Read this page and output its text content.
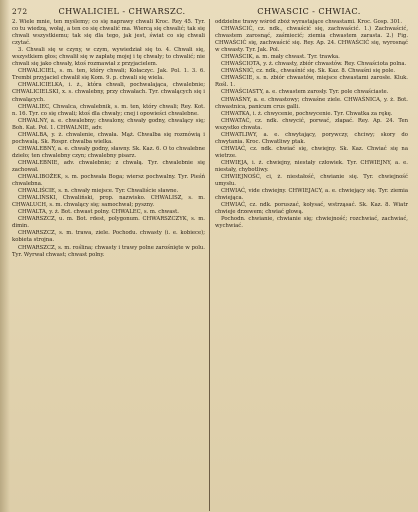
272	CHWALICIEL - CHWARSZC.	CHWASCIC - CHWIAC.

2. Wiele mnie, ten myślemy; co się naprawy chwali Kroc. Rey 45. Tyr. co tu wiedzą, wołaj, a ten co się chwalić ma. Wiercą się chwalić; tak się chwali wszystkiemu; tak się dla tego, jak jest, świat co się chwali czytać.

3. Chwali się w czyny, w czym, wywiedział się to. 4. Chwali się, wszystkiem głos; chwalił się w zapłatę mojej i tę chwały; to chwalić; nie chwali się jako chwały, ktoś rozmawiał z przyjacielem.

CHWALICIEL, s. m. ten, który chwali; Kołaczyc. Jak. Pol. 1. 3. 6. Trembi przyjaciel chwalił się Kom. 9. p. chwali się wiela.

CHWALICIELKA, i. ż., która chwali, pochwalająca, chwalebnie; CHWALICIELSKI, x. s. chwalebny, przy chwałach. Tyr. chwalących się i chwalących.

CHWALIEC, Chwalca, chwalebnik, s. m. ten, który chwali; Rey. Kot. n. 16. Tyr. co się chwali; ktoś dla chwały; cnej i opowieści chwalebne.

CHWALNY, a. e. chwalebny; chwalony, chwały godny, chwalący się; Boh. Kat. Pol. 1. CHWALNIE, adv.

CHWALBA, y. ż. chwalenie, chwała. Mąż. Chwalba się rozmówią i pochwalą. Sk. Rospr. chwalba wielka.

CHWALEBNY, a. e. chwały godny, sławny. Sk. Kaz. 6. O to chwalebne dzieło; ten chwalebny czyn; chwalebny pisarz.

CHWALEBNIE, adv. chwalebnie; z chwałą. Tyr. chwalebnie się zachował.

CHWALIBOŻEK, s. m. pochwała Boga; wiersz pochwalny. Tyr. Pieśń chwalebna.

CHWALIŚCIE, s. n. chwały miejsce. Tyr. Chwaliście sławne.

CHWALIŃSKI, Chwaliński, prop. nazwisko. CHWALISZ, s. m. CHWALUCH, s. m. chwalący się; samochwał; pyszny.

CHWALTA, y. ż. Bot. chwast polny. CHWALEC, s. m. chwast.

CHWARSZCZ, u. m. Bot. rdest, polygonum. CHWARSZCZYK, s. m. dimin.

CHWARSZCZ, s. m. trawa, ziele. Pochodu. chwasty (i. e. kobiece); kobieta strojna.

CHWARSZCZ, s. m. roślina; chwasty i trawy polne zarośnięte w polu. Tyr. Wyrwał chwast; chwast polny.

oddzielne trawy wśród zbóż wyrastające chwastami. Kroc. Gosp. 301.

CHWAŚCIĆ, cz. ndk., chwaścić się, zachwaścić. 1.) Zachwaścić, chwastem zarosnąć, zaśmiecić; ziemia chwastem zarasta. 2.) Fig. CHWAŚCIĆ się, zachwaścić się. Rey. Ap. 24. CHWAŚCIĆ się, wyrosnąć w chwasty. Tyr. Jak. Pol.

CHWAŚCIK, a. m. mały chwast. Tyr. trawka.

CHWAŚCIOTA, y. ż. chwasty, zbiór chwastów. Rey. Chwaściota polna.

CHWAŚNIĆ, cz. ndk., chwaśnić się. Sk. Kaz. 8. Chwaśni się pole.

CHWAŚCIE, s. n. zbiór chwastów, miejsce chwastami zarosłe. Kluk. Rośl. 1.

CHWAŚCIASTY, a. e. chwastem zarosły. Tyr. pole chwaściaste.

CHWAŚNY, a. e. chwastowy; chwaśne ziele. CHWAŚNICA, y. ż. Bot. chwastnica, panicum crus galli.

CHWATKA, i. ż. chwycenie, pochwycenie. Tyr. Chwatka za rękę.

CHWATAĆ, cz. ndk. chwycić, porwać, złapać. Rey. Ap. 24. Ten wszystko chwata.

CHWATLIWY, a. e. chwytający, porywczy, chciwy; skory do chwytania. Kroc. Chwatliwy ptak.

CHWIAĆ, cz. ndk. chwiać się, chwiejny. Sk. Kaz. Chwiać się na wietrze.

CHWIEJA, i. ż. chwiejny, niestały człowiek. Tyr. CHWIEJNY, a. e. niestały, chybotliwy.

CHWIEJNOŚĆ, ci, ż. niestałość, chwianie się. Tyr. chwiejność umysłu.

CHWIAĆ, vide chwiejny. CHWIEJACY, a. e. chwiejący się. Tyr. ziemia chwiejąca.

CHWIAĆ, cz. ndk. poruszać, kołysać, wstrząsać. Sk. Kaz. 8. Wiatr chwieje drzewem; chwiać głową.

Pochodn. chwianie, chwianie się; chwiejność; rozchwiać, zachwiać, wychwiać.
